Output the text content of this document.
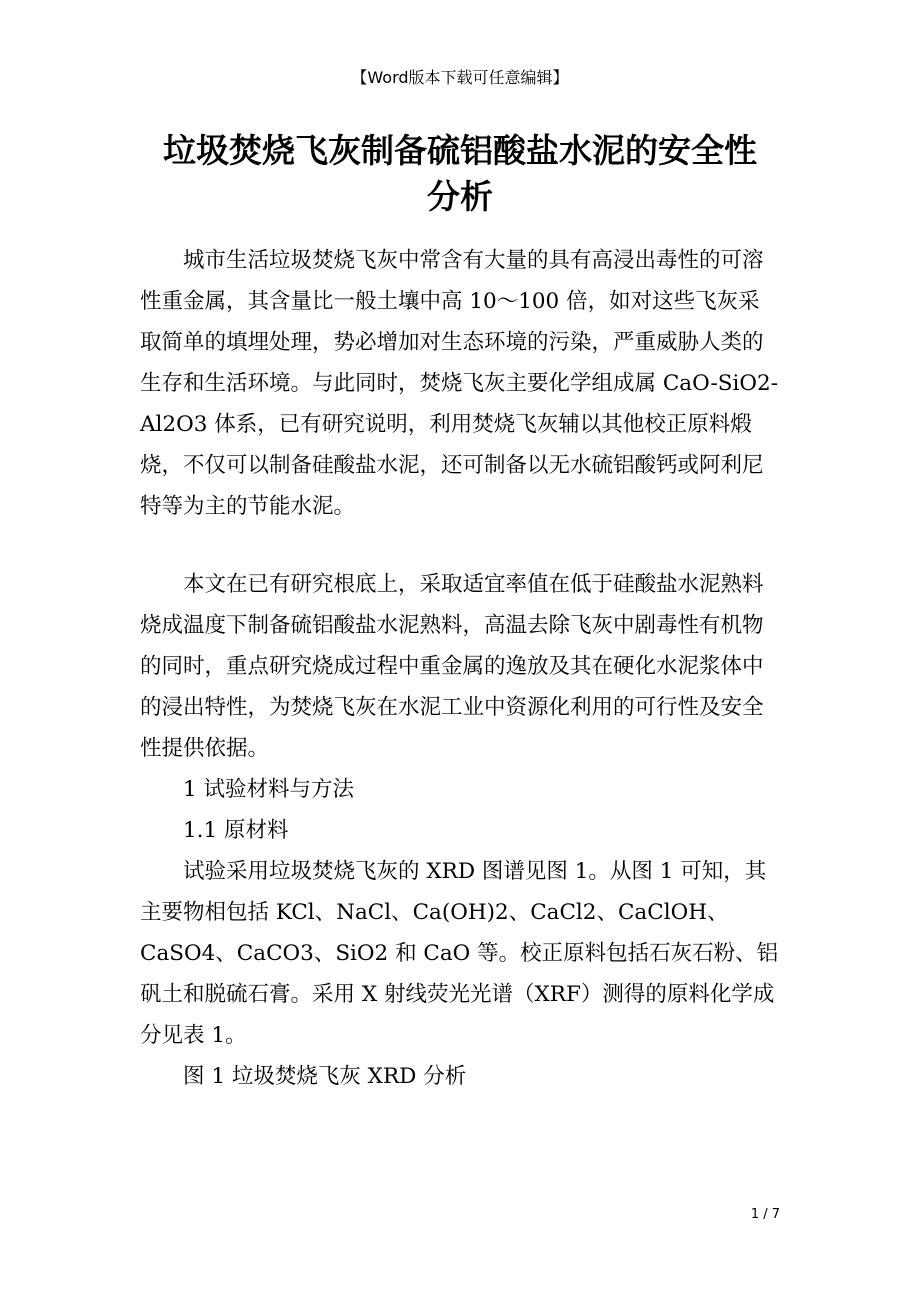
【Word版本下载可任意编辑】
垃圾焚烧飞灰制备硫铝酸盐水泥的安全性
分析

城市生活垃圾焚烧飞灰中常含有大量的具有高浸出毒性的可溶性重金属，其含量比一般土壤中高 10～100 倍，如对这些飞灰采取简单的填埋处理，势必增加对生态环境的污染，严重威胁人类的生存和生活环境。与此同时，焚烧飞灰主要化学组成属 CaO-SiO2-Al2O3 体系，已有研究说明，利用焚烧飞灰辅以其他校正原料煅烧，不仅可以制备硅酸盐水泥，还可制备以无水硫铝酸钙或阿利尼特等为主的节能水泥。

本文在已有研究根底上，采取适宜率值在低于硅酸盐水泥熟料烧成温度下制备硫铝酸盐水泥熟料，高温去除飞灰中剧毒性有机物的同时，重点研究烧成过程中重金属的逸放及其在硬化水泥浆体中的浸出特性，为焚烧飞灰在水泥工业中资源化利用的可行性及安全性提供依据。

1 试验材料与方法

1.1 原材料

试验采用垃圾焚烧飞灰的 XRD 图谱见图 1。从图 1 可知，其主要物相包括 KCl、NaCl、Ca(OH)2、CaCl2、CaClOH、CaSO4、CaCO3、SiO2 和 CaO 等。校正原料包括石灰石粉、铝矾土和脱硫石膏。采用 X 射线荧光光谱（XRF）测得的原料化学成分见表 1。

图 1 垃圾焚烧飞灰 XRD 分析

1 / 7
